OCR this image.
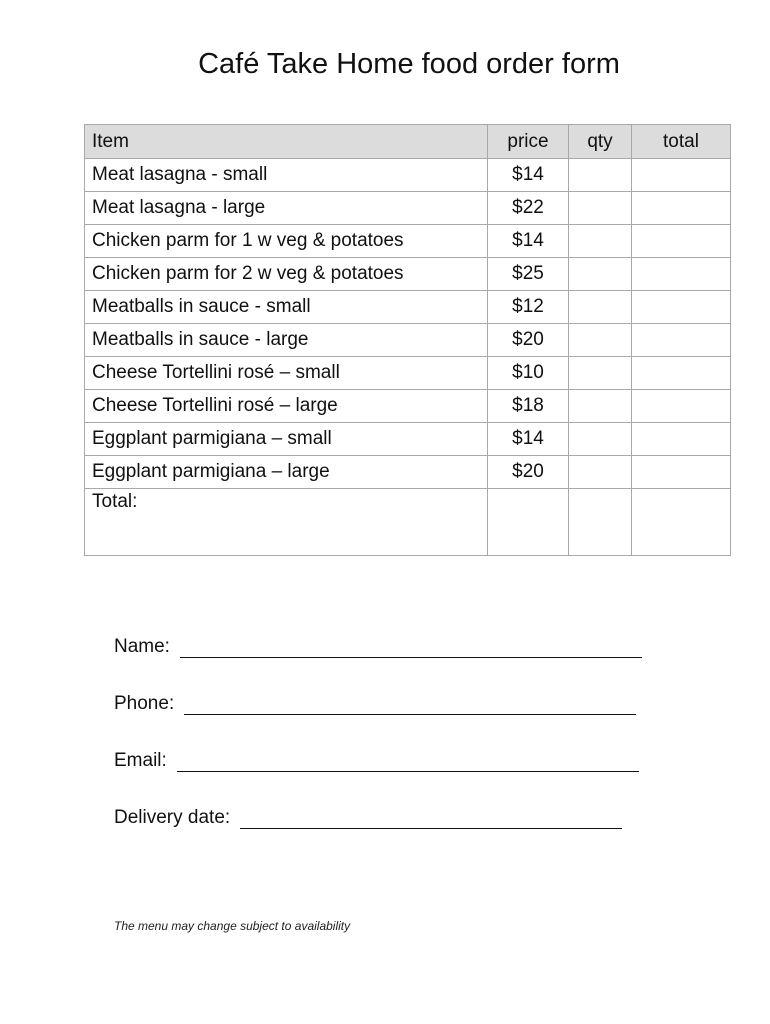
Café Take Home food order form
Item	price	qty	total
Meat lasagna - small	$14		
Meat lasagna - large	$22		
Chicken parm for 1 w veg & potatoes	$14		
Chicken parm for 2 w veg & potatoes	$25		
Meatballs in sauce - small	$12		
Meatballs in sauce - large	$20		
Cheese Tortellini rosé – small	$10		
Cheese Tortellini rosé – large	$18		
Eggplant parmigiana – small	$14		
Eggplant parmigiana – large	$20		
Total:			
Name:
Phone:
Email:
Delivery date:
The menu may change subject to availability
